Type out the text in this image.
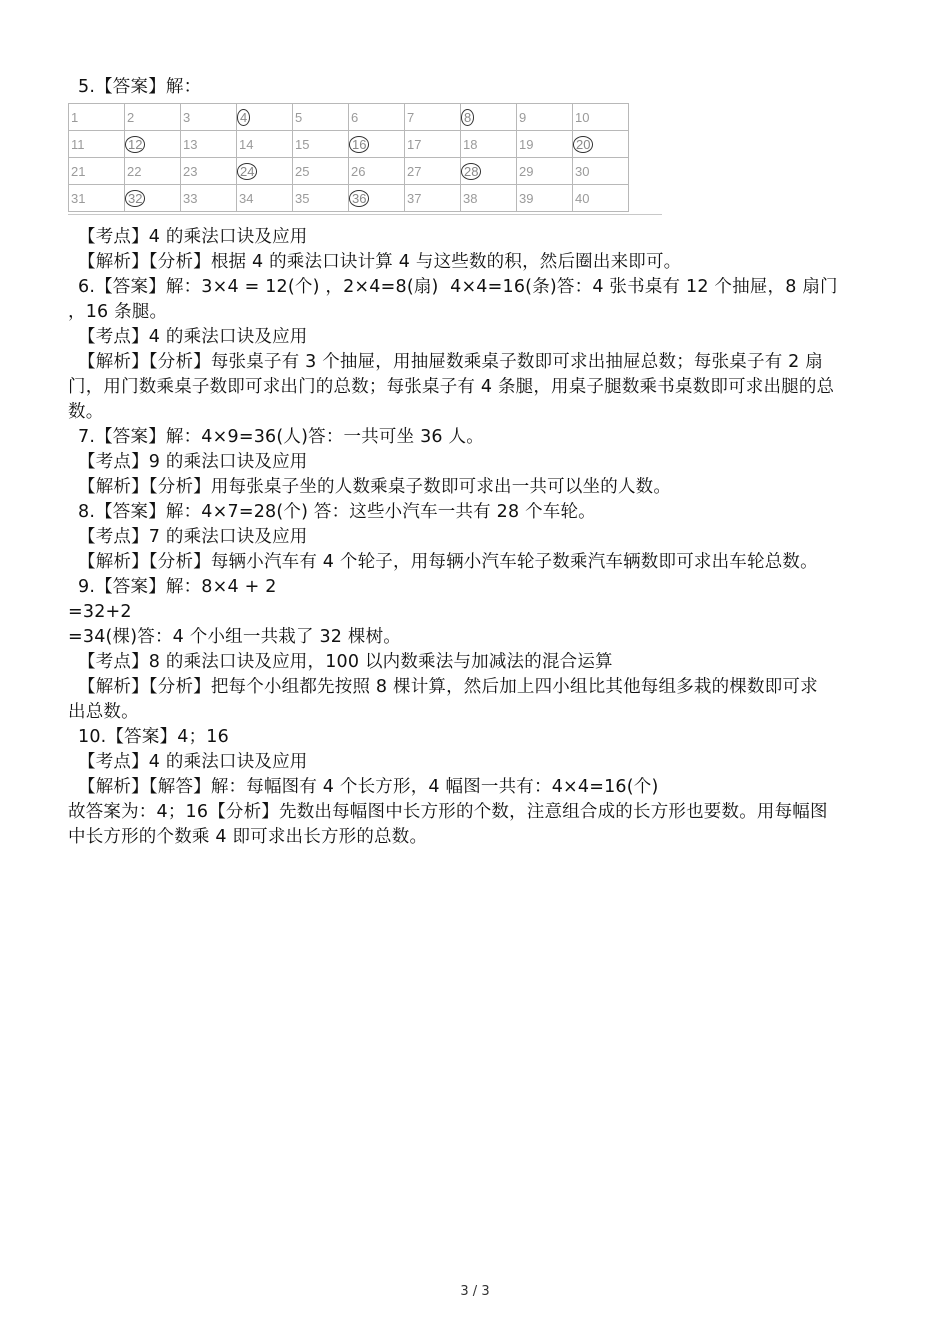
5.【答案】解：
1	2	3	4	5	6	7	8	9	10
11	12	13	14	15	16	17	18	19	20
21	22	23	24	25	26	27	28	29	30
31	32	33	34	35	36	37	38	39	40
【考点】4 的乘法口诀及应用
【解析】【分析】根据 4 的乘法口诀计算 4 与这些数的积，然后圈出来即可。
6.【答案】解：3×4 = 12(个) ，2×4=8(扇)  4×4=16(条)答：4 张书桌有 12 个抽屉，8 扇门
，16 条腿。
【考点】4 的乘法口诀及应用
【解析】【分析】每张桌子有 3 个抽屉，用抽屉数乘桌子数即可求出抽屉总数；每张桌子有 2 扇
门，用门数乘桌子数即可求出门的总数；每张桌子有 4 条腿，用桌子腿数乘书桌数即可求出腿的总
数。
7.【答案】解：4×9=36(人)答：一共可坐 36 人。
【考点】9 的乘法口诀及应用
【解析】【分析】用每张桌子坐的人数乘桌子数即可求出一共可以坐的人数。
8.【答案】解：4×7=28(个) 答：这些小汽车一共有 28 个车轮。
【考点】7 的乘法口诀及应用
【解析】【分析】每辆小汽车有 4 个轮子，用每辆小汽车轮子数乘汽车辆数即可求出车轮总数。
9.【答案】解：8×4 + 2
=32+2
=34(棵)答：4 个小组一共栽了 32 棵树。
【考点】8 的乘法口诀及应用，100 以内数乘法与加减法的混合运算
【解析】【分析】把每个小组都先按照 8 棵计算，然后加上四小组比其他每组多栽的棵数即可求
出总数。
10.【答案】4；16
【考点】4 的乘法口诀及应用
【解析】【解答】解：每幅图有 4 个长方形，4 幅图一共有：4×4=16(个)
故答案为：4；16【分析】先数出每幅图中长方形的个数，注意组合成的长方形也要数。用每幅图
中长方形的个数乘 4 即可求出长方形的总数。
3 / 3
